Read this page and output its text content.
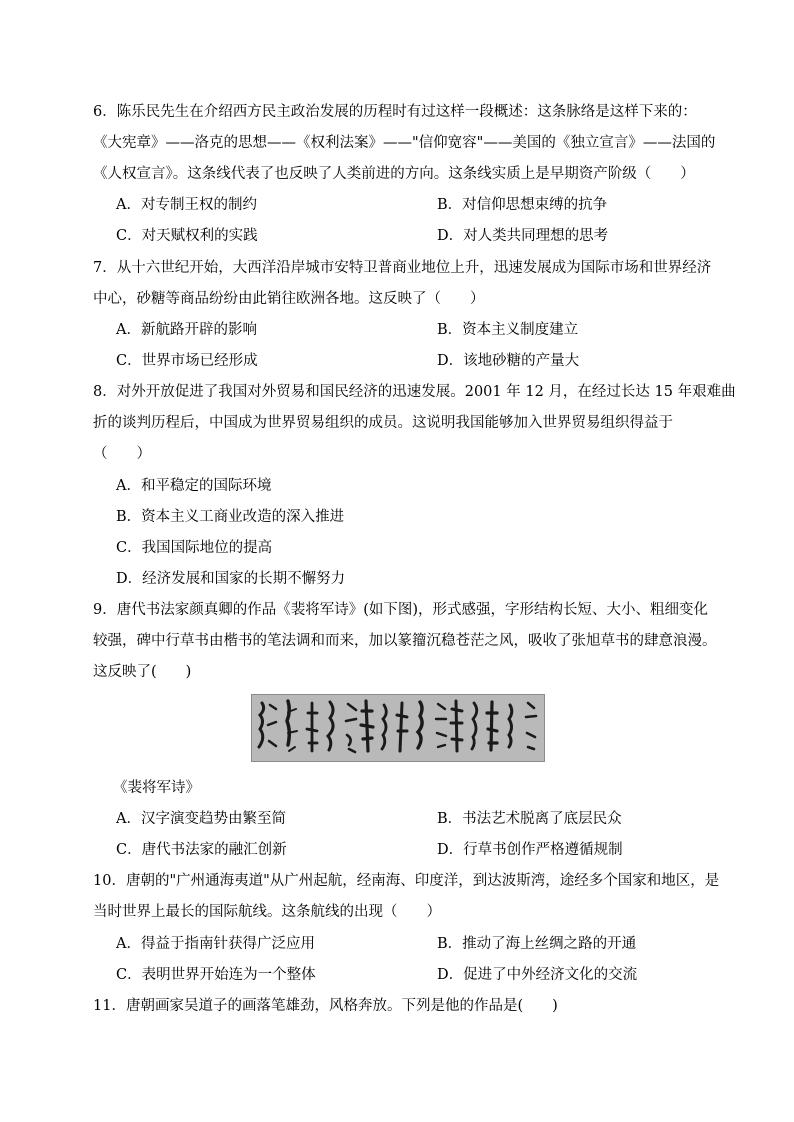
6．陈乐民先生在介绍西方民主政治发展的历程时有过这样一段概述：这条脉络是这样下来的：
《大宪章》——洛克的思想——《权利法案》——"信仰宽容"——美国的《独立宣言》——法国的
《人权宣言》。这条线代表了也反映了人类前进的方向。这条线实质上是早期资产阶级（　　）
A．对专制王权的制约	B．对信仰思想束缚的抗争
C．对天赋权利的实践	D．对人类共同理想的思考
7．从十六世纪开始，大西洋沿岸城市安特卫普商业地位上升，迅速发展成为国际市场和世界经济
中心，砂糖等商品纷纷由此销往欧洲各地。这反映了（　　）
A．新航路开辟的影响	B．资本主义制度建立
C．世界市场已经形成	D．该地砂糖的产量大
8．对外开放促进了我国对外贸易和国民经济的迅速发展。2001 年 12 月，在经过长达 15 年艰难曲
折的谈判历程后，中国成为世界贸易组织的成员。这说明我国能够加入世界贸易组织得益于
（　　）
A．和平稳定的国际环境
B．资本主义工商业改造的深入推进
C．我国国际地位的提高
D．经济发展和国家的长期不懈努力
9．唐代书法家颜真卿的作品《裴将军诗》(如下图)，形式感强，字形结构长短、大小、粗细变化
较强，碑中行草书由楷书的笔法调和而来，加以篆籀沉稳苍茫之风，吸收了张旭草书的肆意浪漫。
这反映了(　　)
《裴将军诗》
A．汉字演变趋势由繁至简	B．书法艺术脱离了底层民众
C．唐代书法家的融汇创新	D．行草书创作严格遵循规制
10．唐朝的"广州通海夷道"从广州起航，经南海、印度洋，到达波斯湾，途经多个国家和地区，是
当时世界上最长的国际航线。这条航线的出现（　　）
A．得益于指南针获得广泛应用	B．推动了海上丝绸之路的开通
C．表明世界开始连为一个整体	D．促进了中外经济文化的交流
11．唐朝画家吴道子的画落笔雄劲，风格奔放。下列是他的作品是(　　)
